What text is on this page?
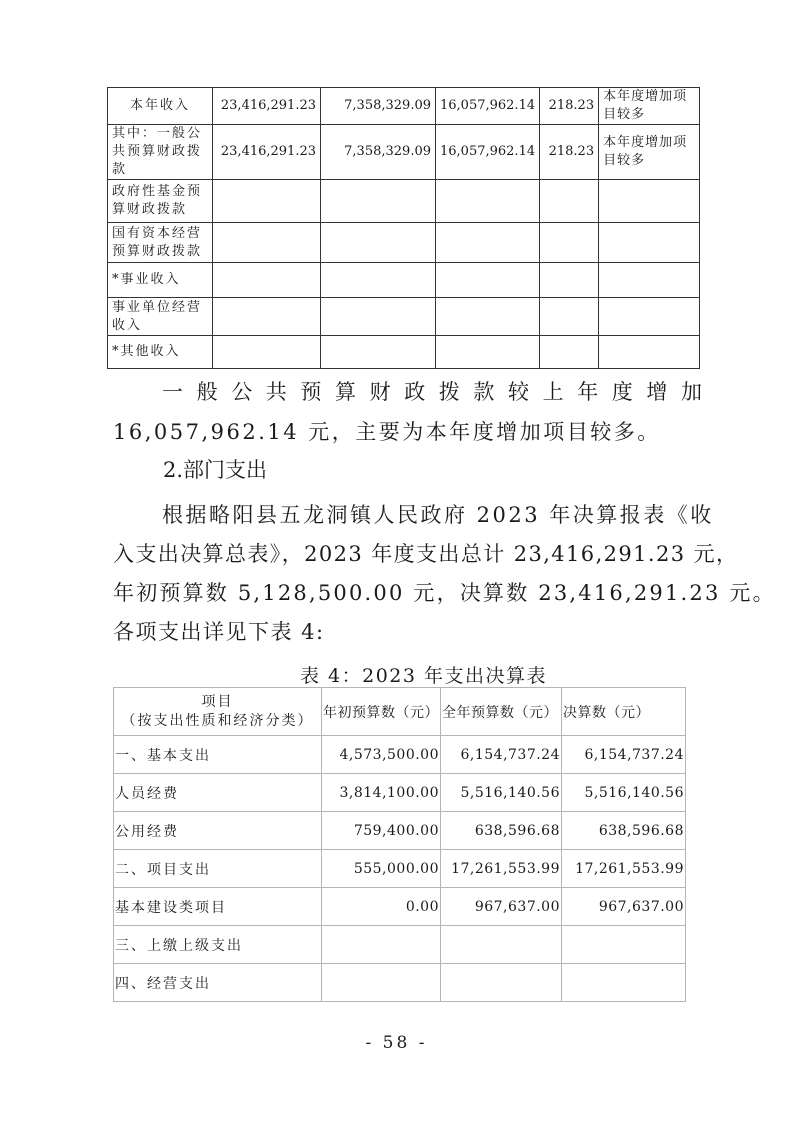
本年收入	23,416,291.23	7,358,329.09	16,057,962.14	218.23	本年度增加项目较多
其中：一般公共预算财政拨款	23,416,291.23	7,358,329.09	16,057,962.14	218.23	本年度增加项目较多
政府性基金预算财政拨款					
国有资本经营预算财政拨款					
*事业收入					
事业单位经营收入					
*其他收入					
一般公共预算财政拨款较上年度增加
16,057,962.14 元，主要为本年度增加项目较多。
2.部门支出
根据略阳县五龙洞镇人民政府 2023 年决算报表《收
入支出决算总表》，2023 年度支出总计 23,416,291.23 元，
年初预算数 5,128,500.00 元，决算数 23,416,291.23 元。
各项支出详见下表 4:
表 4：2023 年支出决算表
项目
（按支出性质和经济分类）	年初预算数（元）	全年预算数（元）	决算数（元）
一、基本支出	4,573,500.00	6,154,737.24	6,154,737.24
人员经费	3,814,100.00	5,516,140.56	5,516,140.56
公用经费	759,400.00	638,596.68	638,596.68
二、项目支出	555,000.00	17,261,553.99	17,261,553.99
基本建设类项目	0.00	967,637.00	967,637.00
三、上缴上级支出			
四、经营支出			
- 58 -
